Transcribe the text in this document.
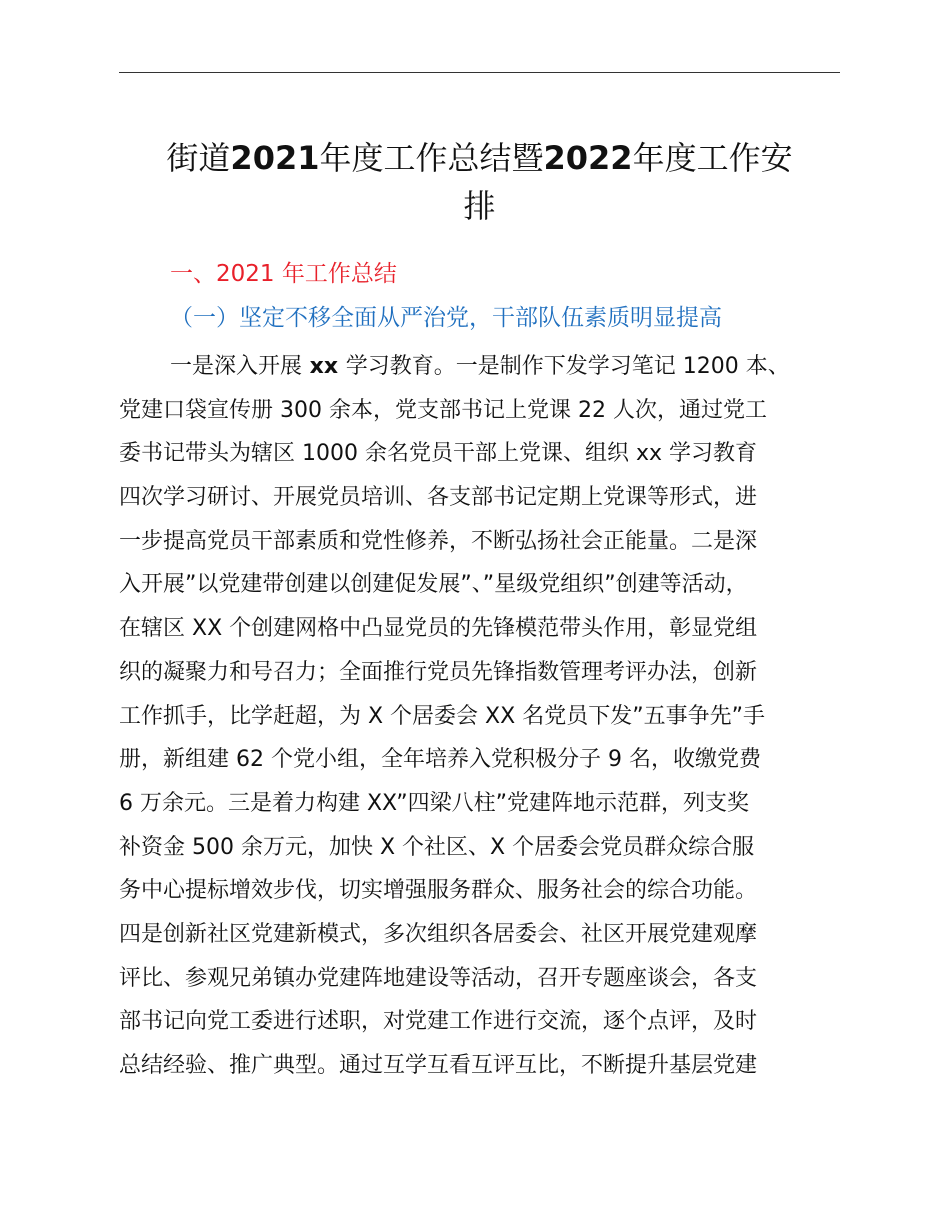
街道2021年度工作总结暨2022年度工作安
排

一、2021 年工作总结

（一）坚定不移全面从严治党，干部队伍素质明显提高

一是深入开展 xx 学习教育。一是制作下发学习笔记 1200 本、
党建口袋宣传册 300 余本，党支部书记上党课 22 人次，通过党工
委书记带头为辖区 1000 余名党员干部上党课、组织 xx 学习教育
四次学习研讨、开展党员培训、各支部书记定期上党课等形式，进
一步提高党员干部素质和党性修养，不断弘扬社会正能量。二是深
入开展”以党建带创建以创建促发展”、”星级党组织”创建等活动，
在辖区 XX 个创建网格中凸显党员的先锋模范带头作用，彰显党组
织的凝聚力和号召力；全面推行党员先锋指数管理考评办法，创新
工作抓手，比学赶超，为 X 个居委会 XX 名党员下发”五事争先”手
册，新组建 62 个党小组，全年培养入党积极分子 9 名，收缴党费
6 万余元。三是着力构建 XX”四梁八柱”党建阵地示范群，列支奖
补资金 500 余万元，加快 X 个社区、X 个居委会党员群众综合服
务中心提标增效步伐，切实增强服务群众、服务社会的综合功能。
四是创新社区党建新模式，多次组织各居委会、社区开展党建观摩
评比、参观兄弟镇办党建阵地建设等活动，召开专题座谈会，各支
部书记向党工委进行述职，对党建工作进行交流，逐个点评，及时
总结经验、推广典型。通过互学互看互评互比，不断提升基层党建
